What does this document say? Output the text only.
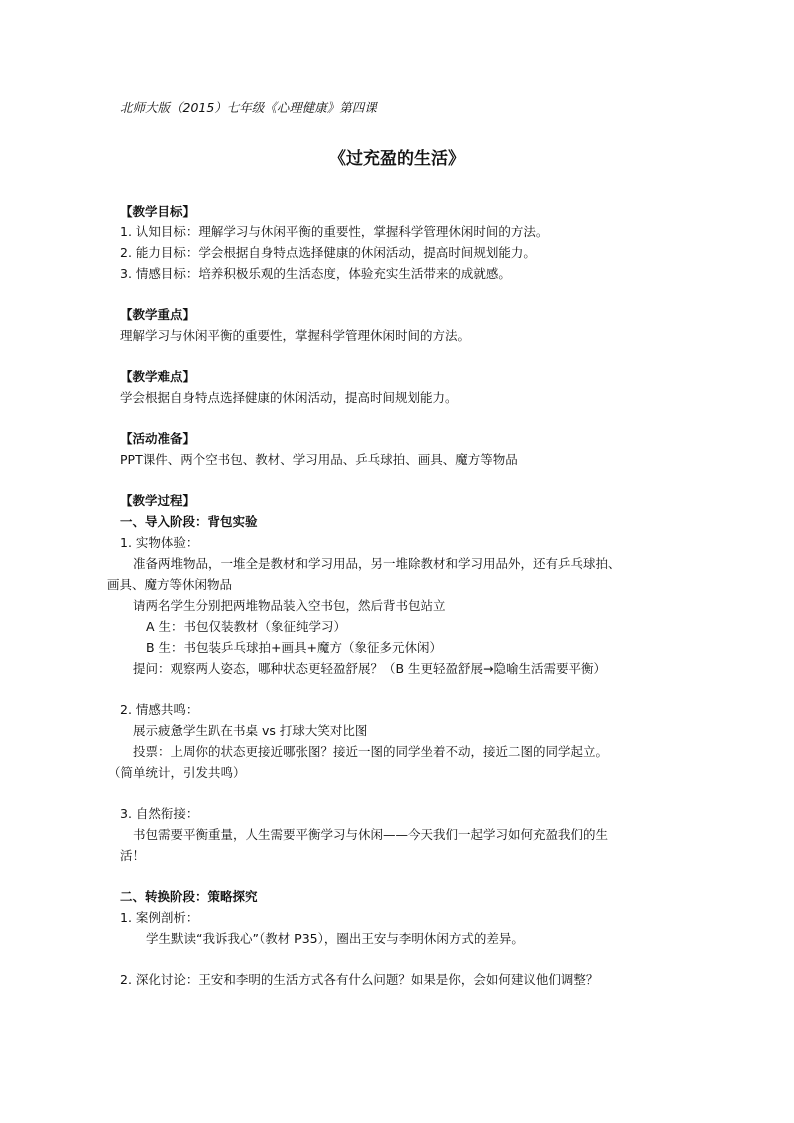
北师大版（2015）七年级《心理健康》第四课
《过充盈的生活》
【教学目标】
1. 认知目标：理解学习与休闲平衡的重要性，掌握科学管理休闲时间的方法。
2. 能力目标：学会根据自身特点选择健康的休闲活动，提高时间规划能力。
3. 情感目标：培养积极乐观的生活态度，体验充实生活带来的成就感。
【教学重点】
理解学习与休闲平衡的重要性，掌握科学管理休闲时间的方法。
【教学难点】
学会根据自身特点选择健康的休闲活动，提高时间规划能力。
【活动准备】
PPT课件、两个空书包、教材、学习用品、乒乓球拍、画具、魔方等物品
【教学过程】
一、导入阶段：背包实验
1. 实物体验：
准备两堆物品，一堆全是教材和学习用品，另一堆除教材和学习用品外，还有乒乓球拍、
画具、魔方等休闲物品
请两名学生分别把两堆物品装入空书包，然后背书包站立
A 生：书包仅装教材（象征纯学习）
B 生：书包装乒乓球拍+画具+魔方（象征多元休闲）
提问：观察两人姿态，哪种状态更轻盈舒展？（B 生更轻盈舒展→隐喻生活需要平衡）
2. 情感共鸣：
展示疲惫学生趴在书桌 vs 打球大笑对比图
投票：上周你的状态更接近哪张图？接近一图的同学坐着不动，接近二图的同学起立。
（简单统计，引发共鸣）
3. 自然衔接：
书包需要平衡重量，人生需要平衡学习与休闲——今天我们一起学习如何充盈我们的生
活！
二、转换阶段：策略探究
1. 案例剖析：
学生默读“我诉我心”（教材 P35），圈出王安与李明休闲方式的差异。
2. 深化讨论：王安和李明的生活方式各有什么问题？如果是你，会如何建议他们调整？
